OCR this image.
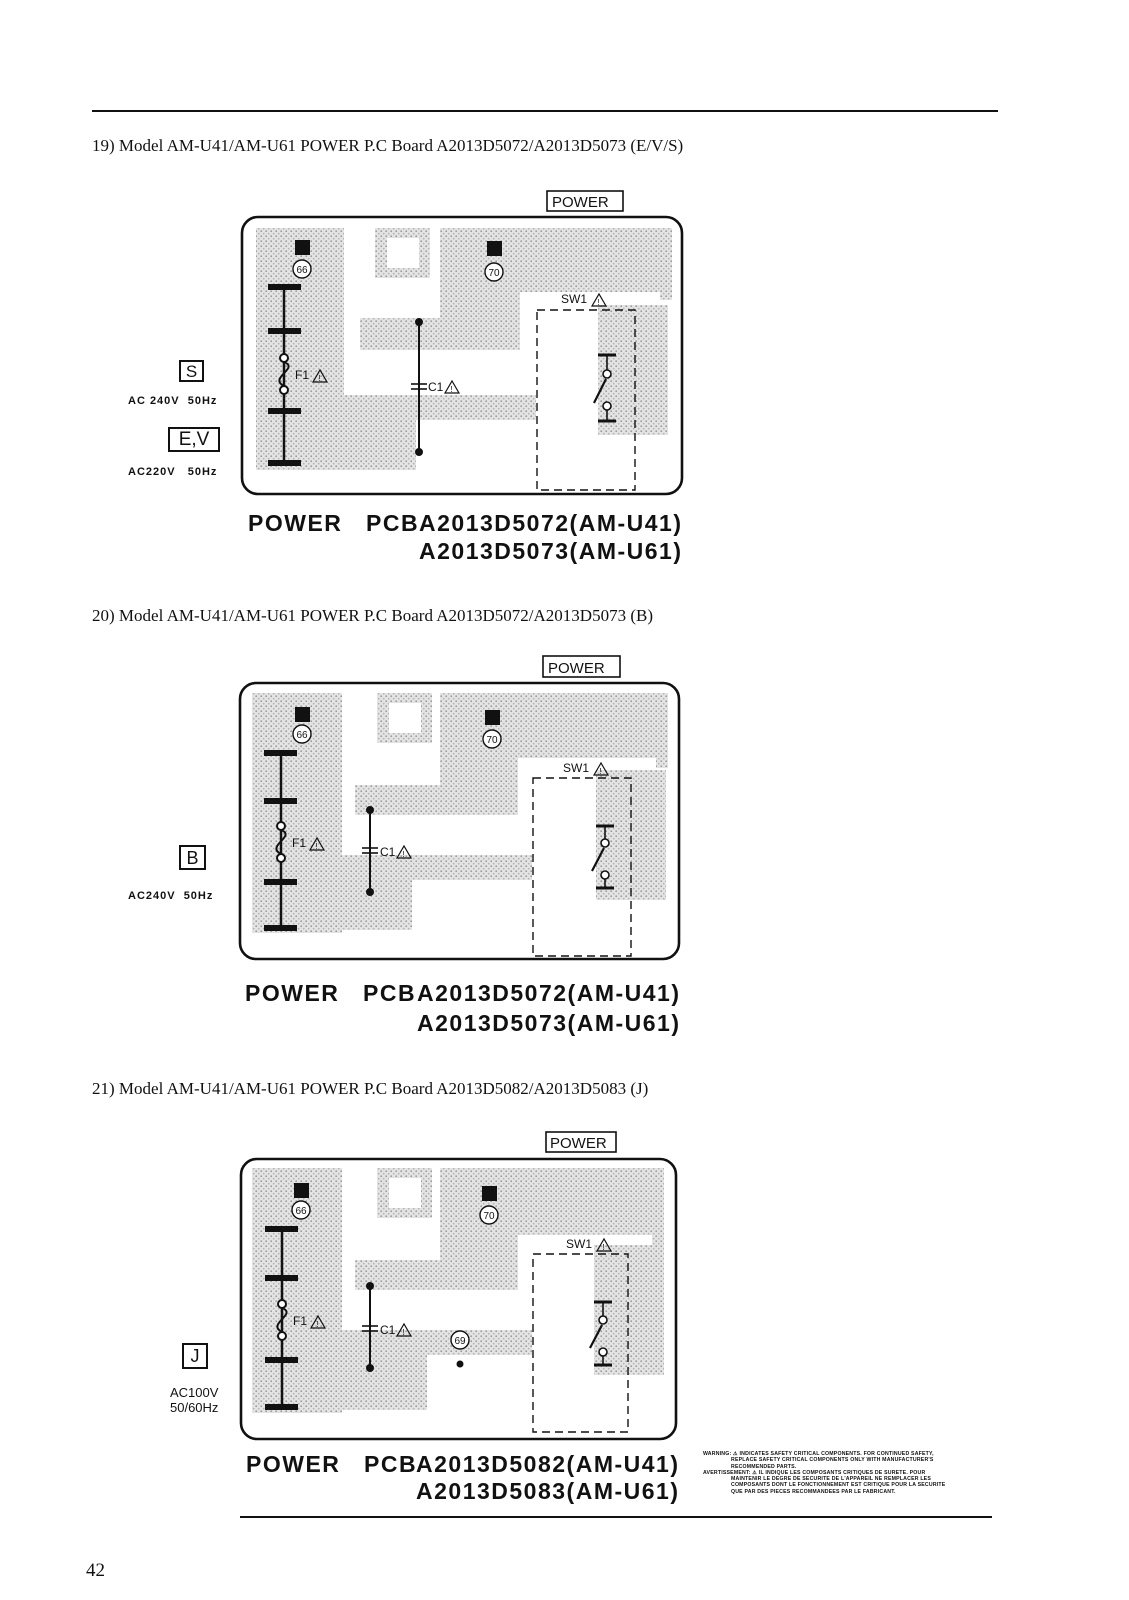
19) Model AM-U41/AM-U61 POWER P.C Board A2013D5072/A2013D5073 (E/V/S)
20) Model AM-U41/AM-U61 POWER P.C Board A2013D5072/A2013D5073 (B)
21) Model AM-U41/AM-U61 POWER P.C Board A2013D5082/A2013D5083 (J)
POWER
F1 !
66	70
C1 !
SW1 !
S
AC 240V  50Hz
E,V
AC220V   50Hz
POWER   PCB A2013D5072(AM-U41)
A2013D5073(AM-U61)
POWER
F1 !
66	70
C1 !
SW1 !
B
AC240V  50Hz
POWER   PCB A2013D5072(AM-U41)
A2013D5073(AM-U61)
POWER
F1 !
66	70
C1 !
69
SW1 !
J
AC100V
50/60Hz
POWER   PCB
A2013D5082(AM-U41)
A2013D5083(AM-U61)
WARNING: ⚠ INDICATES SAFETY CRITICAL COMPONENTS. FOR CONTINUED SAFETY,
REPLACE SAFETY CRITICAL COMPONENTS ONLY WITH MANUFACTURER'S
RECOMMENDED PARTS.
AVERTISSEMENT: ⚠ IL INDIQUE LES COMPOSANTS CRITIQUES DE SURETE. POUR
MAINTENIR LE DEGRE DE SECURITE DE L'APPAREIL NE REMPLACER LES
COMPOSANTS DONT LE FONCTIONNEMENT EST CRITIQUE POUR LA SECURITE
QUE PAR DES PIECES RECOMMANDEES PAR LE FABRICANT.
42
